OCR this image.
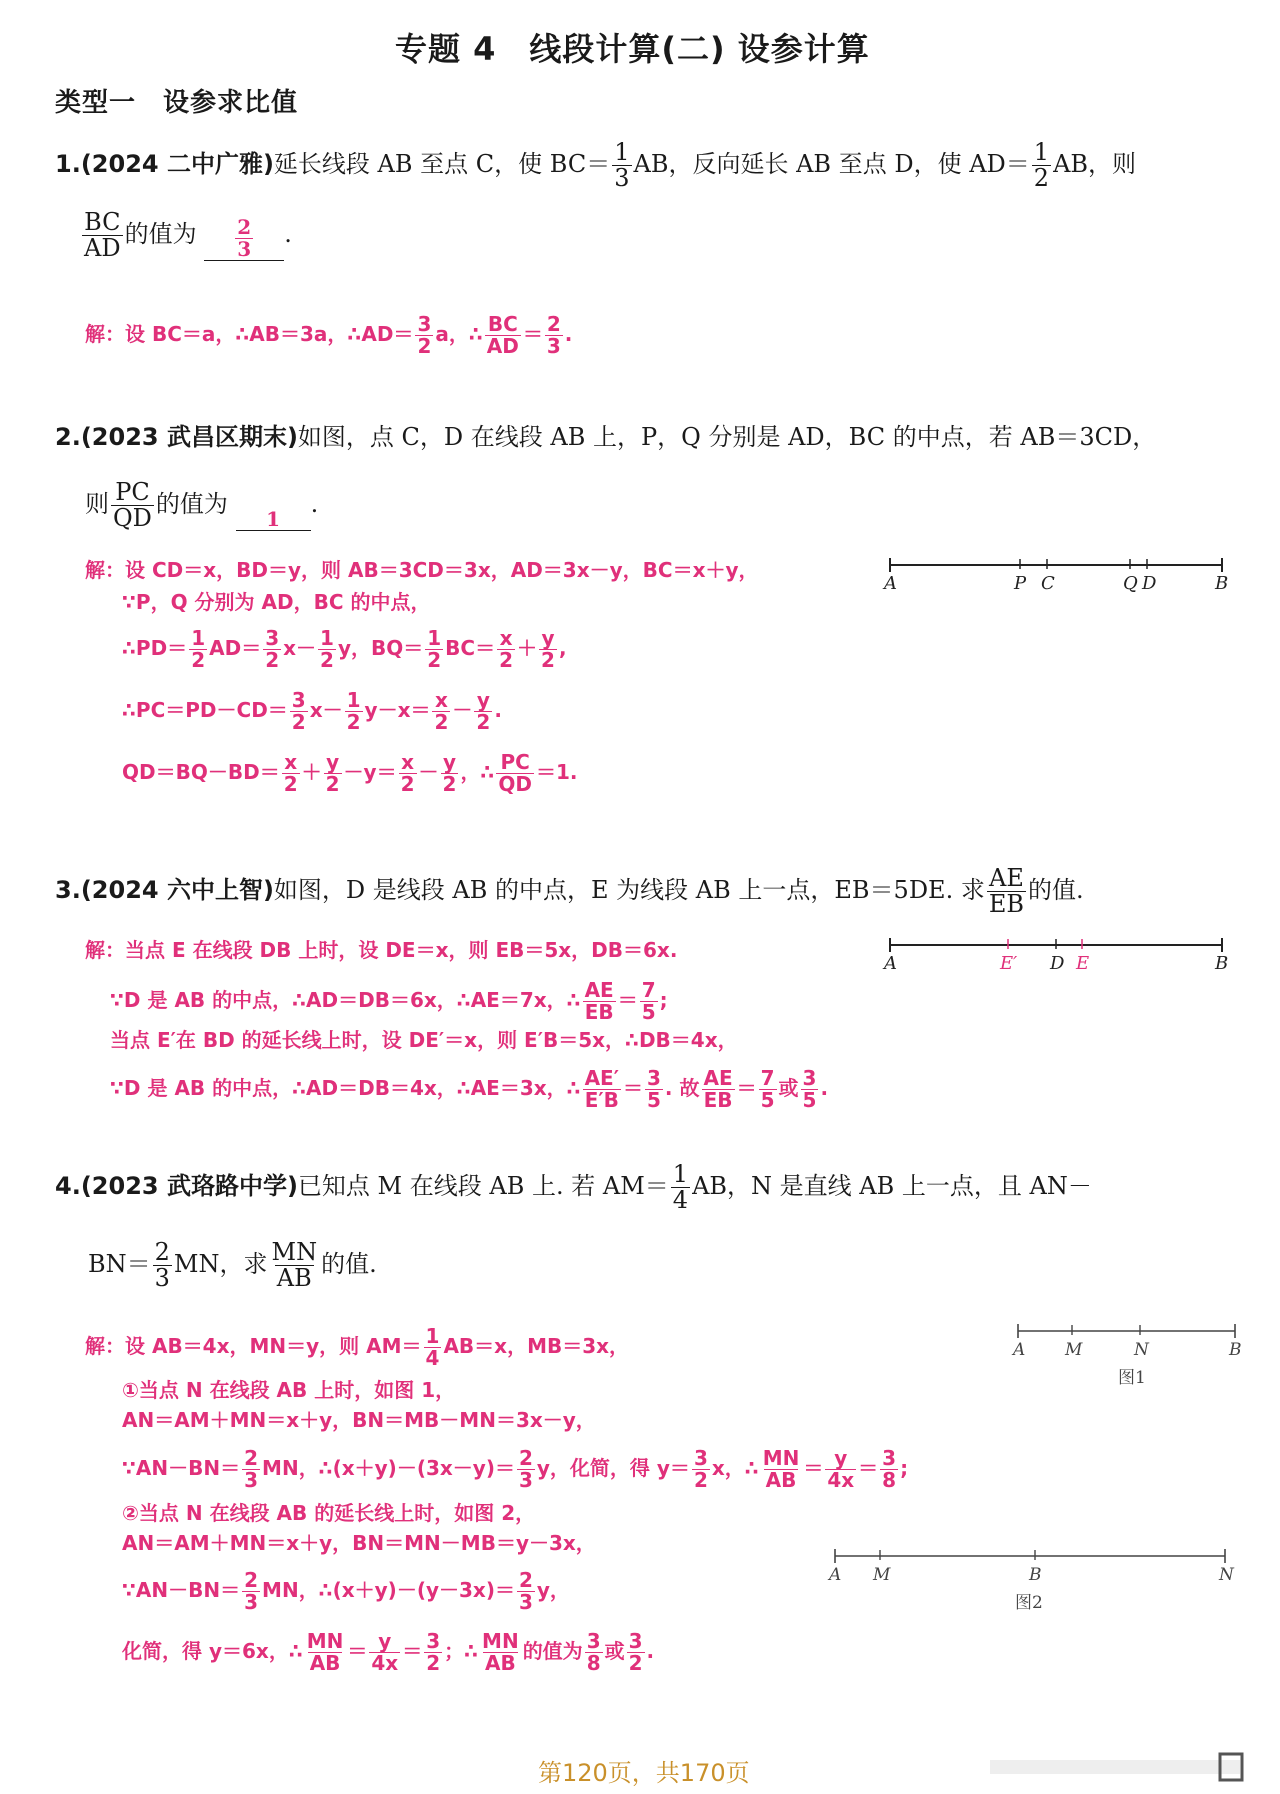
专题 4　线段计算(二) 设参计算
类型一　设参求比值
1.(2024 二中广雅)延长线段 AB 至点 C，使 $BC= \frac{1}{3}$ AB，反向延长 AB 至点 D，使 $AD= \frac{1}{2}$ AB，则
$\frac{BC}{AD}$ 的值为 $\frac{2}{3}$ .
解：设 BC＝a，∴AB＝3a，∴AD＝ $\frac{3}{2}$ a，∴ $\frac{BC}{AD} = \frac{2}{3}$ .
2.(2023 武昌区期末)如图，点 C，D 在线段 AB 上，P，Q 分别是 AD，BC 的中点，若 AB＝3CD，
则 $\frac{PC}{QD}$ 的值为 1.
解：设 CD＝x，BD＝y，则 AB＝3CD＝3x，AD＝3x－y，BC＝x＋y，
∵P，Q 分别为 AD，BC 的中点，
∴PD＝ $\frac{1}{2} AD= \frac{3}{2} x- \frac{1}{2}$ y，$BQ= \frac{1}{2} BC= \frac{x}{2} + \frac{y}{2}$ ,
∴PC＝PD－CD＝ $\frac{3}{2} x- \frac{1}{2} y-x= \frac{x}{2} - \frac{y}{2}$ .
$QD=BQ-BD= \frac{x}{2} + \frac{y}{2} -y= \frac{x}{2} - \frac{y}{2}$ ，∴ $\frac{PC}{QD} =1$.
A	P C	Q D	B
3.(2024 六中上智)如图，D 是线段 AB 的中点，E 为线段 AB 上一点，EB＝5DE. 求 $\frac{AE}{EB}$ 的值.
解：当点 E 在线段 DB 上时，设 DE＝x，则 EB＝5x，DB＝6x.
∵D 是 AB 的中点，∴AD＝DB＝6x，∴AE＝7x，∴ $\frac{AE}{EB} = \frac{7}{5}$ ;
当点 E′在 BD 的延长线上时，设 DE′＝x，则 E′B＝5x，∴DB＝4x，
∵D 是 AB 的中点，∴AD＝DB＝4x，∴AE＝3x，∴ $\frac{AE'}{E'B} = \frac{3}{5}$ . 故 $\frac{AE}{EB} = \frac{7}{5}$ 或 $\frac{3}{5}$ .
A	E′ D E	B
4.(2023 武珞路中学)已知点 M 在线段 AB 上. 若 $AM= \frac{1}{4}$ AB，N 是直线 AB 上一点，且 AN－
$BN= \frac{2}{3}$ MN，求 $\frac{MN}{AB}$ 的值.
解：设 AB＝4x，MN＝y，则 $AM= \frac{1}{4} AB=x$，MB＝3x，
①当点 N 在线段 AB 上时，如图 1，
AN＝AM＋MN＝x＋y，BN＝MB－MN＝3x－y，
∵AN－BN＝ $\frac{2}{3}$ MN，∴(x＋y)－(3x－y)＝ $\frac{2}{3}$ y，化简，得 $y= \frac{3}{2}$ x，∴ $\frac{MN}{AB} = \frac{y}{4x} = \frac{3}{8}$ ;
②当点 N 在线段 AB 的延长线上时，如图 2，
AN＝AM＋MN＝x＋y，BN＝MN－MB＝y－3x，
∵AN－BN＝ $\frac{2}{3}$ MN，∴(x＋y)－(y－3x)＝ $\frac{2}{3}$ y，
化简，得 y＝6x，∴ $\frac{MN}{AB} = \frac{y}{4x} = \frac{3}{2}$ ；∴ $\frac{MN}{AB}$ 的值为 $\frac{3}{8}$ 或 $\frac{3}{2}$ .
A M	N	B
图1
A M	B	N
图2
第120页，共170页
